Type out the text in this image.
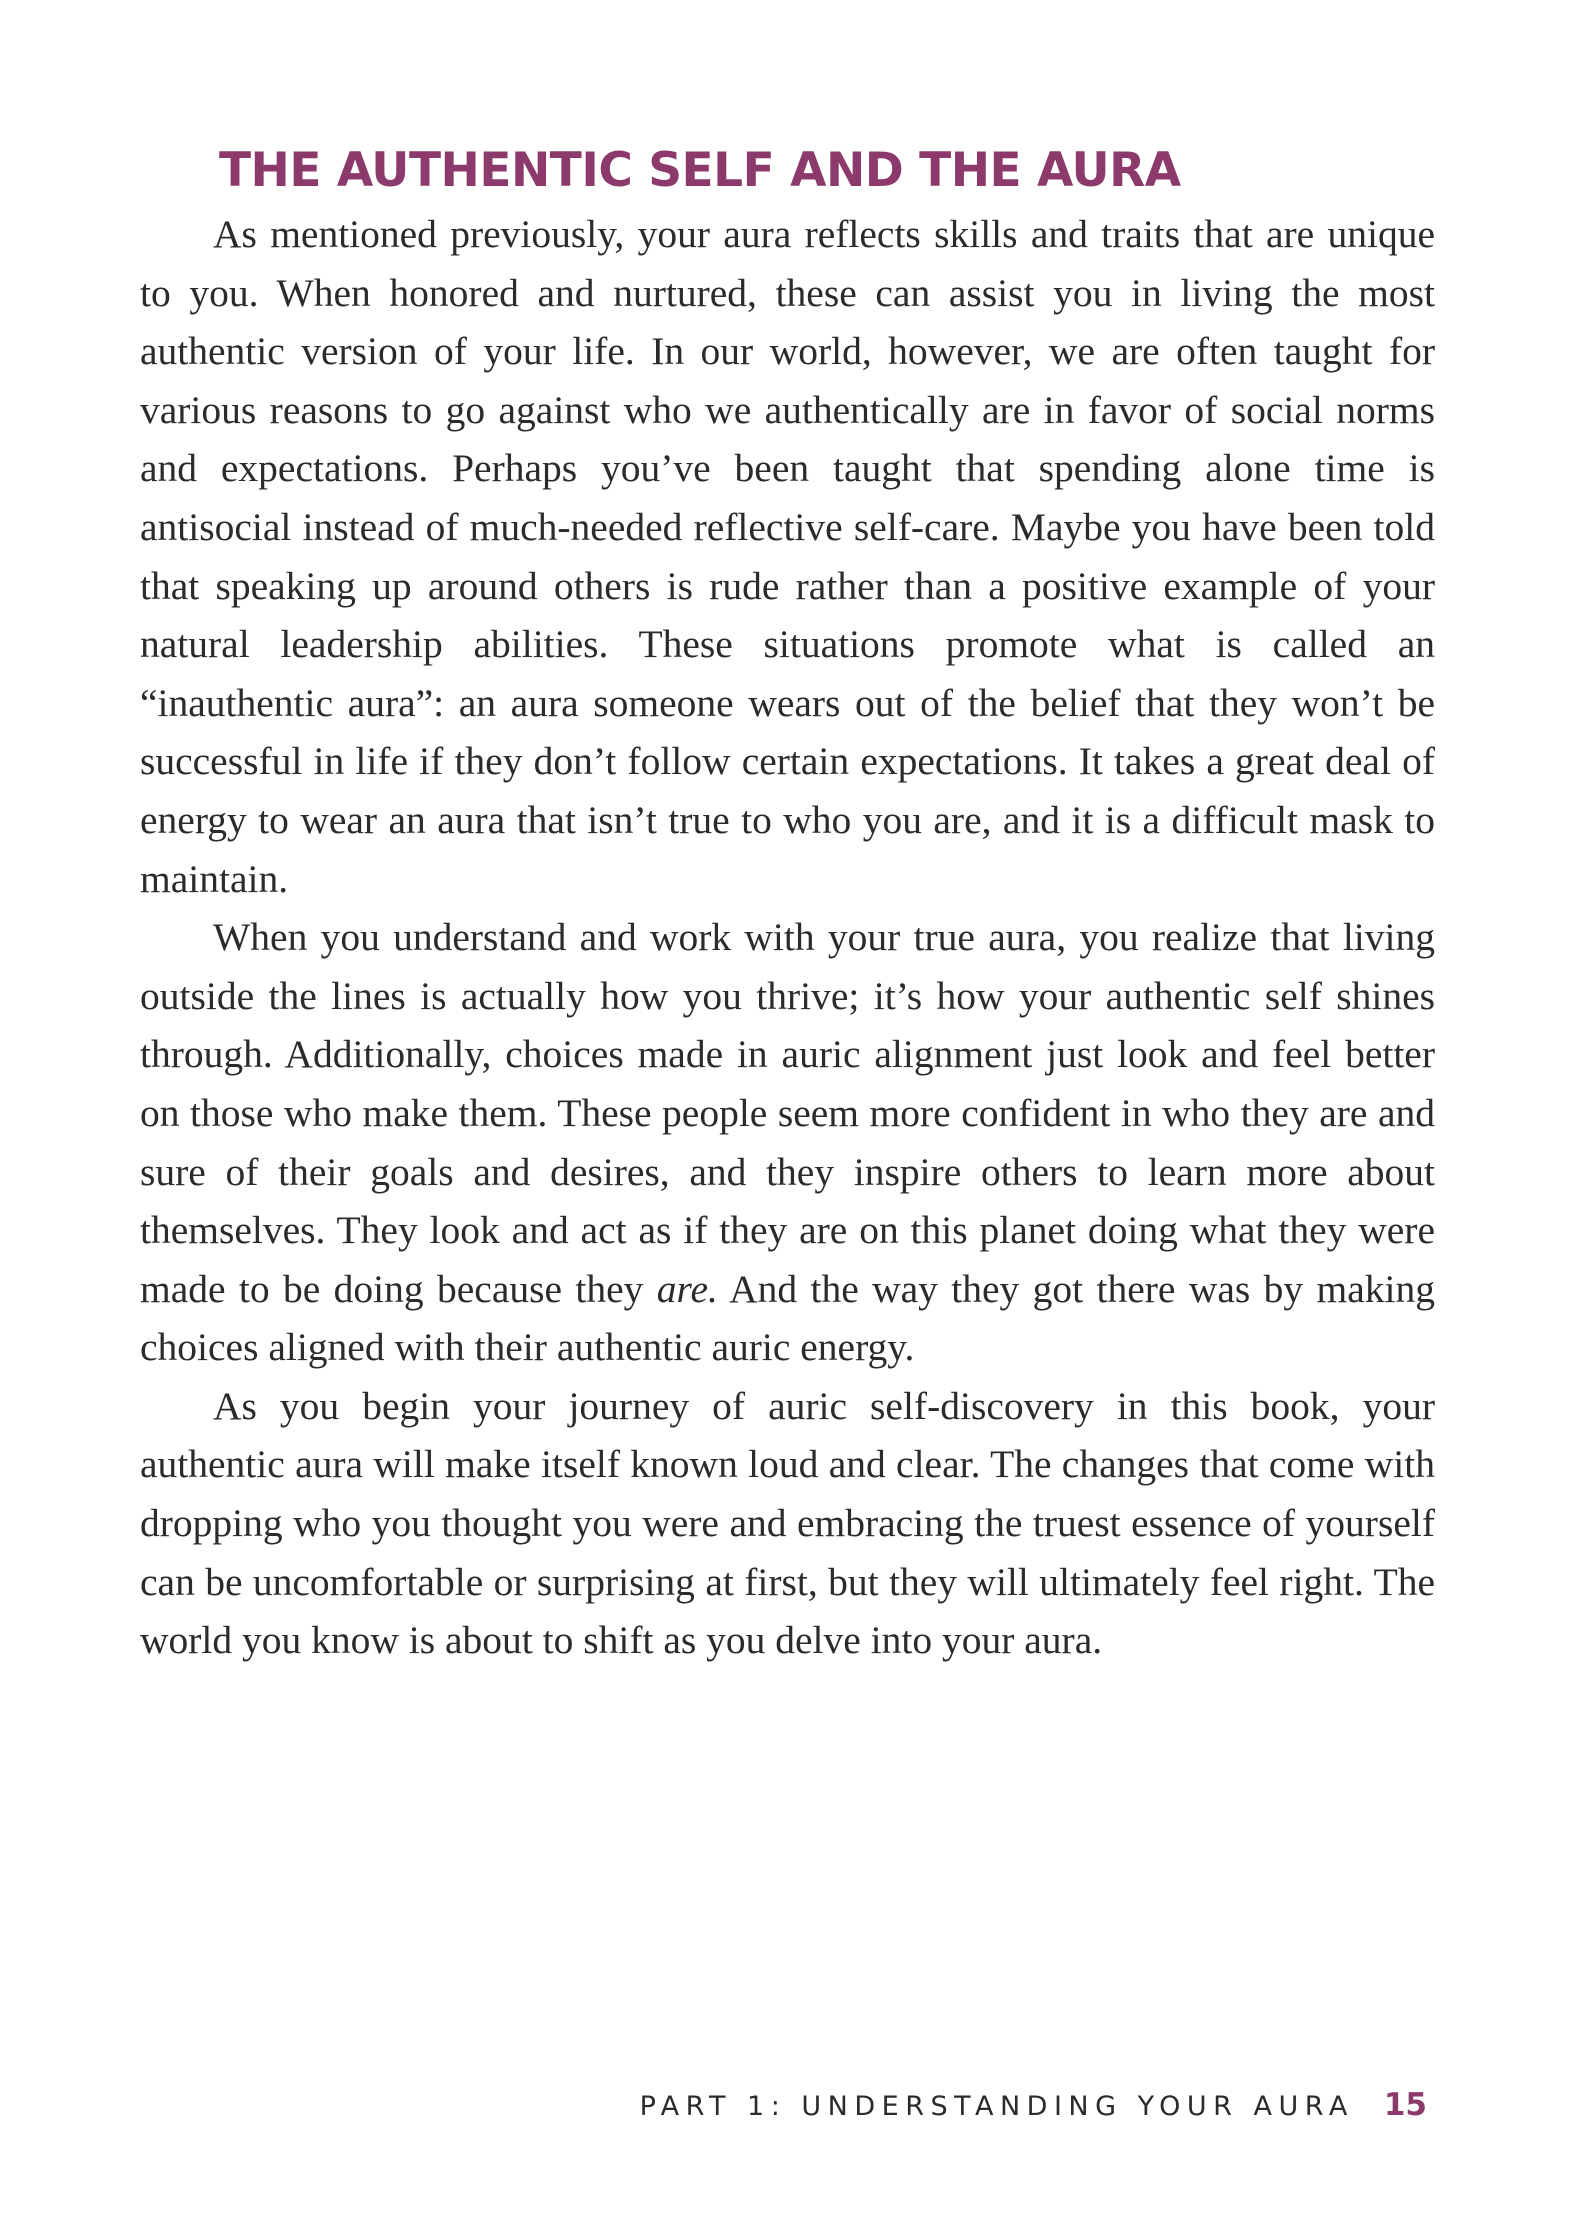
THE AUTHENTIC SELF AND THE AURA

As mentioned previously, your aura reflects skills and traits that are unique to you. When honored and nurtured, these can assist you in living the most authentic version of your life. In our world, however, we are often taught for various reasons to go against who we authentically are in favor of social norms and expectations. Perhaps you’ve been taught that spending alone time is antisocial instead of much-needed reflective self-care. Maybe you have been told that speaking up around others is rude rather than a positive example of your natural leadership abilities. These situations promote what is called an “inauthentic aura”: an aura someone wears out of the belief that they won’t be successful in life if they don’t follow certain expectations. It takes a great deal of energy to wear an aura that isn’t true to who you are, and it is a difficult mask to maintain.

When you understand and work with your true aura, you realize that living outside the lines is actually how you thrive; it’s how your authentic self shines through. Additionally, choices made in auric alignment just look and feel better on those who make them. These people seem more confident in who they are and sure of their goals and desires, and they inspire others to learn more about themselves. They look and act as if they are on this planet doing what they were made to be doing because they are. And the way they got there was by making choices aligned with their authentic auric energy.

As you begin your journey of auric self-discovery in this book, your authentic aura will make itself known loud and clear. The changes that come with dropping who you thought you were and embracing the truest essence of yourself can be uncomfortable or surprising at first, but they will ultimately feel right. The world you know is about to shift as you delve into your aura.

PART 1: UNDERSTANDING YOUR AURA 15
